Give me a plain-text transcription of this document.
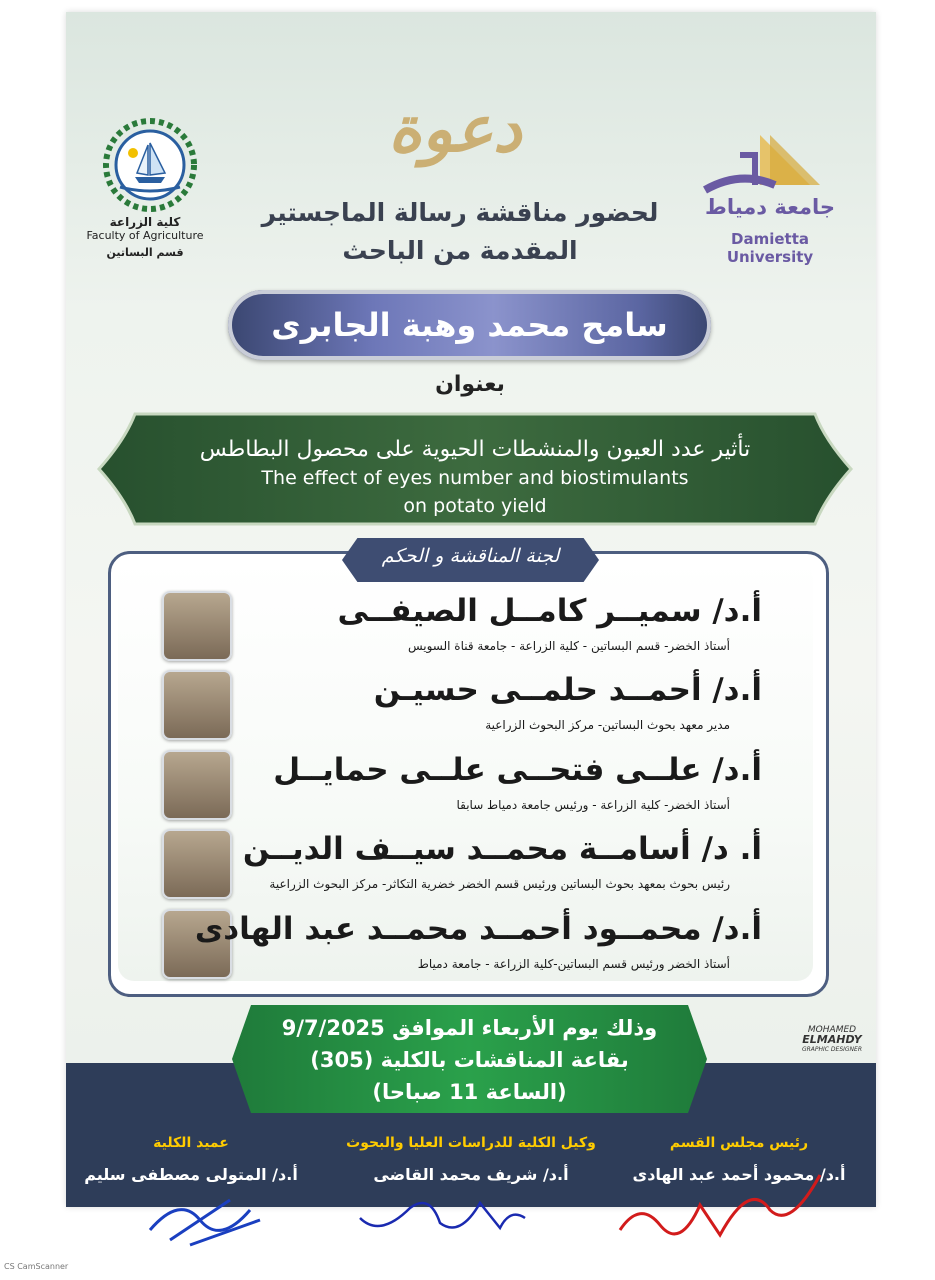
كلية الزراعة
Faculty of Agriculture
قسم البساتين
جامعة دمياط
Damietta University
دعوة
لحضور مناقشة رسالة الماجستير
المقدمة من الباحث
سامح محمد وهبة الجابرى
بعنوان
تأثير عدد العيون والمنشطات الحيوية على محصول البطاطس
The effect of eyes number and biostimulants
on potato yield
لجنة المناقشة و الحكم
أ.د/ سميــر كامــل الصيفــى
أستاذ الخضر- قسم البساتين - كلية الزراعة - جامعة قناة السويس
أ.د/ أحمــد حلمــى حسيـن
مدير معهد بحوث البساتين- مركز البحوث الزراعية
أ.د/ علــى فتحــى علــى حمايــل
أستاذ الخضر- كلية الزراعة - ورئيس جامعة دمياط سابقا
أ. د/ أسامــة محمــد سيــف الديــن
رئيس بحوث بمعهد بحوث البساتين ورئيس قسم الخضر خضرية التكاثر- مركز البحوث الزراعية
أ.د/ محمــود أحمــد محمــد عبد الهادى
أستاذ الخضر ورئيس قسم البساتين-كلية الزراعة - جامعة دمياط
رئيس مجلس القسم
أ.د/ محمود أحمد عبد الهادى
وكيل الكلية للدراسات العليا والبحوث
أ.د/ شريف محمد القاضى
عميد الكلية
أ.د/ المتولى مصطفى سليم
وذلك يوم الأربعاء الموافق 9/7/2025
بقاعة المناقشات بالكلية (305)
(الساعة 11 صباحا)
MOHAMED
ELMAHDY
GRAPHIC DESIGNER
CS CamScanner
